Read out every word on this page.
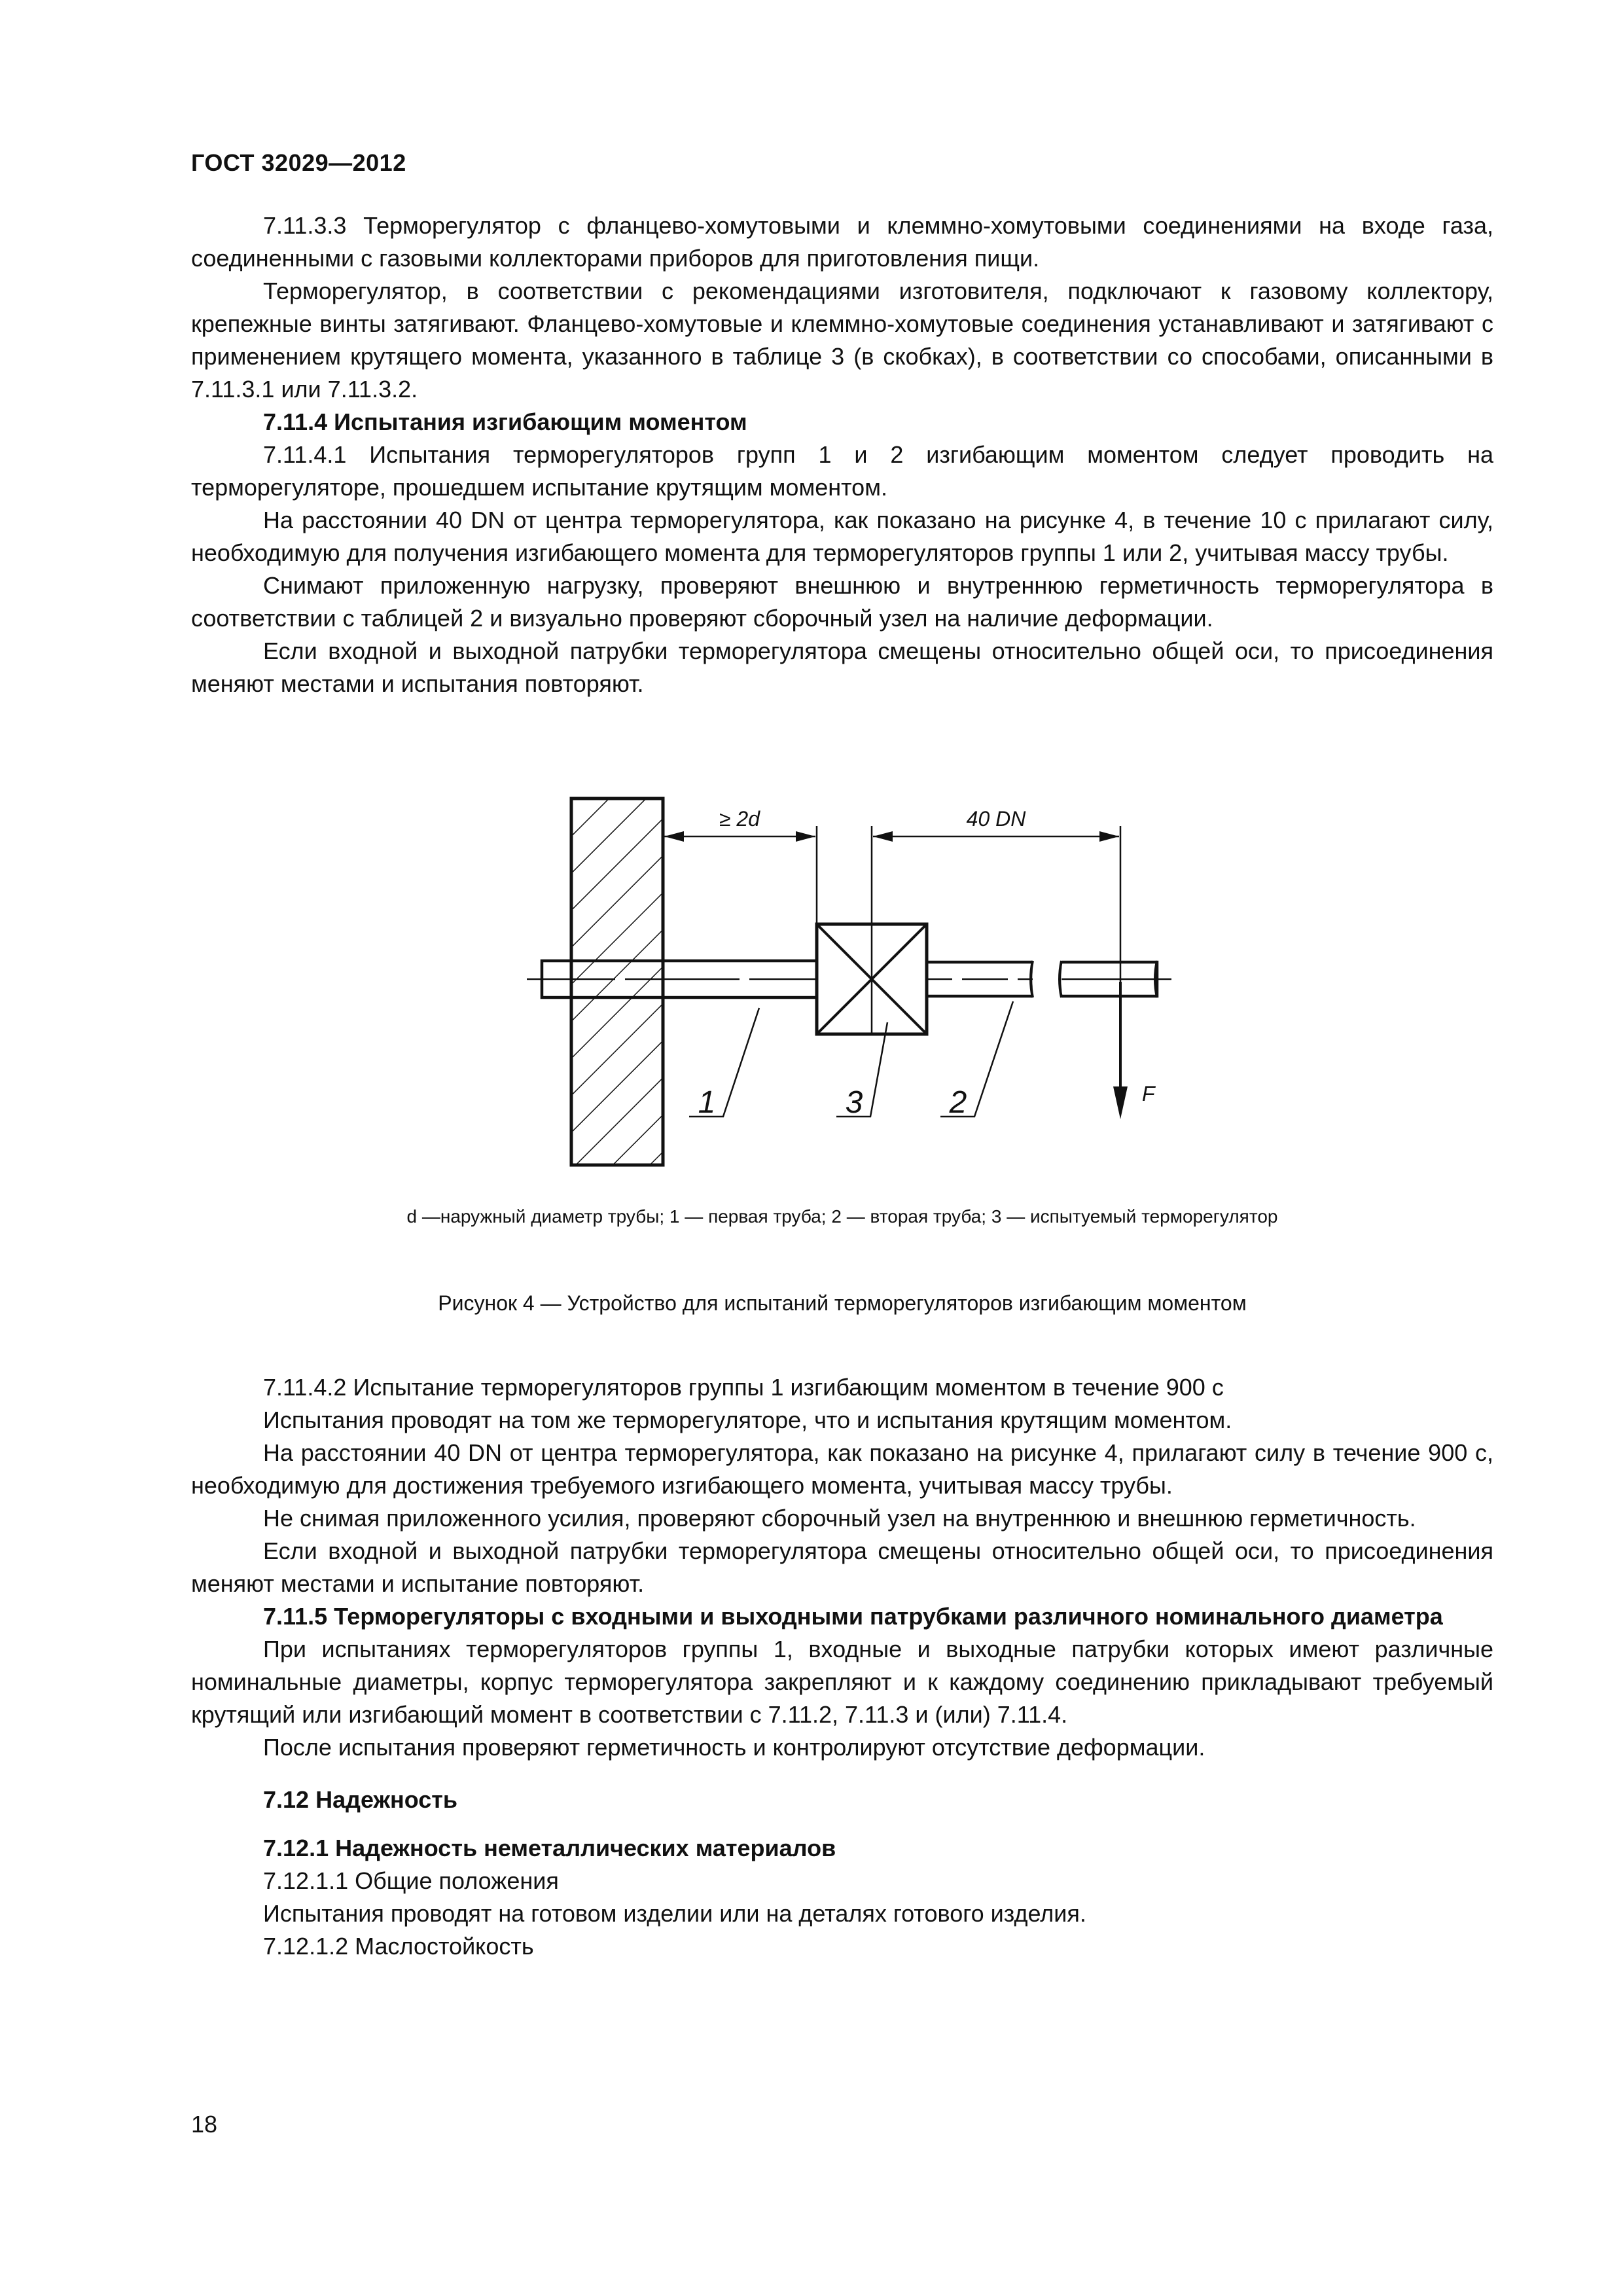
ГОСТ 32029—2012

7.11.3.3 Терморегулятор с фланцево-хомутовыми и клеммно-хомутовыми соединениями на входе газа, соединенными с газовыми коллекторами приборов для приготовления пищи.

Терморегулятор, в соответствии с рекомендациями изготовителя, подключают к газовому коллектору, крепежные винты затягивают. Фланцево-хомутовые и клеммно-хомутовые соединения устанавливают и затягивают с применением крутящего момента, указанного в таблице 3 (в скобках), в соответствии со способами, описанными в 7.11.3.1 или 7.11.3.2.

7.11.4 Испытания изгибающим моментом

7.11.4.1 Испытания терморегуляторов групп 1 и 2 изгибающим моментом следует проводить на терморегуляторе, прошедшем испытание крутящим моментом.

На расстоянии 40 DN от центра терморегулятора, как показано на рисунке 4, в течение 10 с прилагают силу, необходимую для получения изгибающего момента для терморегуляторов группы 1 или 2, учитывая массу трубы.

Снимают приложенную нагрузку, проверяют внешнюю и внутреннюю герметичность терморегулятора в соответствии с таблицей 2 и визуально проверяют сборочный узел на наличие деформации.

Если входной и выходной патрубки терморегулятора смещены относительно общей оси, то присоединения меняют местами и испытания повторяют.

≥ 2d	40 DN
F
1	3	2
d —наружный диаметр трубы; 1 — первая труба; 2 — вторая труба; 3 — испытуемый терморегулятор
Рисунок 4 — Устройство для испытаний терморегуляторов изгибающим моментом

7.11.4.2 Испытание терморегуляторов группы 1 изгибающим моментом в течение 900 с

Испытания проводят на том же терморегуляторе, что и испытания крутящим моментом.

На расстоянии 40 DN от центра терморегулятора, как показано на рисунке 4, прилагают силу в течение 900 с, необходимую для достижения требуемого изгибающего момента, учитывая массу трубы.

Не снимая приложенного усилия, проверяют сборочный узел на внутреннюю и внешнюю герметичность.

Если входной и выходной патрубки терморегулятора смещены относительно общей оси, то присоединения меняют местами и испытание повторяют.

7.11.5 Терморегуляторы с входными и выходными патрубками различного номинального диаметра

При испытаниях терморегуляторов группы 1, входные и выходные патрубки которых имеют различные номинальные диаметры, корпус терморегулятора закрепляют и к каждому соединению прикладывают требуемый крутящий или изгибающий момент в соответствии с 7.11.2, 7.11.3 и (или) 7.11.4.

После испытания проверяют герметичность и контролируют отсутствие деформации.

7.12 Надежность

7.12.1 Надежность неметаллических материалов

7.12.1.1 Общие положения

Испытания проводят на готовом изделии или на деталях готового изделия.

7.12.1.2 Маслостойкость

18
